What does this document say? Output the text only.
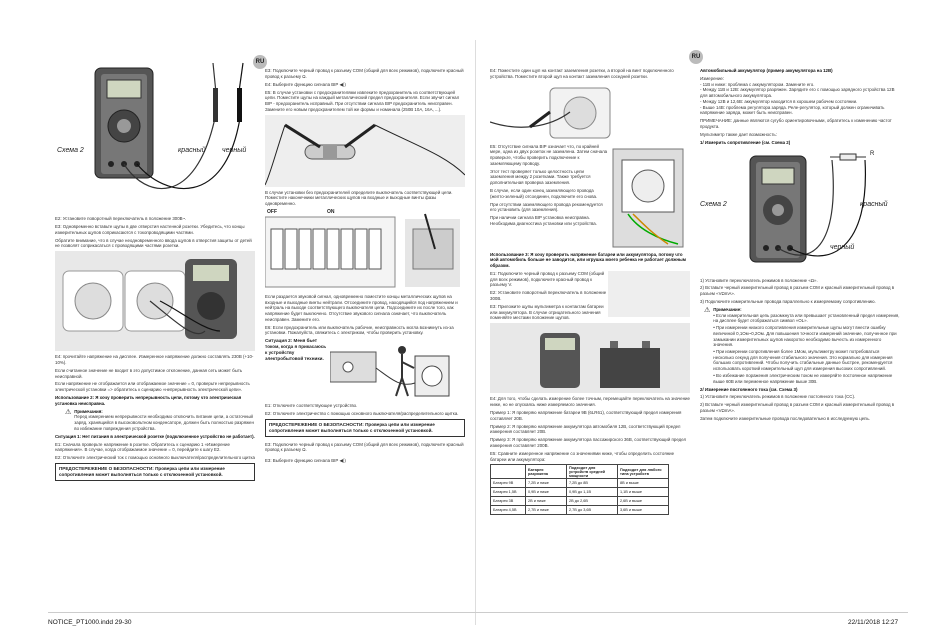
RU
RU
Схема 2	красный черный

E2: Установите поворотный переключатель в положение 300В~.

E3: Одновременно вставьте щупы в две отверстия настенной розетки. Убедитесь, что концы измерительных щупов соприкасаются с токопроводящими частями.

Обратите внимание, что в случае неодновременного ввода щупов в отверстия защиты от детей не позволят соприкасаться с проводящими частями розетки.

E4: прочитайте напряжение на дисплее. Измеренное напряжение должно составлять 230В (+10-10%).

Если считанное значение не входит в это допустимое отклонение, данная сеть может быть неисправной.

Если напряжение не отображается или отображаемое значение = 0, проверьте непрерывность электрической установки => обратитесь к сценарию «непрерывность электрической цепи».

Использование 2: Я хочу проверить непрерывность цепи, потому что электрическая установка неисправна.

⚠ Примечания:

Перед измерением непрерывности необходимо отключить питание цепи, а остаточный заряд, хранящийся в высоковольтном конденсаторе, должен быть полностью разряжен во избежание повреждения устройства.

Ситуация 1: Нет питания в электрической розетке (подключенное устройство не работает).

E1: Сначала проверьте напряжение в розетке. Обратитесь к сценарию 1 «Измерение напряжения». В случае, когда отображаемое значение = 0, перейдите к шагу E2.

E2: Отключите электрический ток с помощью основного выключателя/распределительного щитка

ПРЕДОСТЕРЕЖЕНИЕ О БЕЗОПАСНОСТИ: Проверка цепи или измерение сопротивления может выполняться только с отключенной установкой.

E3: Подключите черный провод к разъему COM (общий для всех режимов), подключите красный провод к разъему Ω.

E4: Выберите функцию сигнала BIP ◀))

E5: В случае установки с предохранителями извлеките предохранитель из соответствующей цепи. Поместите щупы на каждый металлический предел предохранителя. Если звучит сигнал BIP - предохранитель исправный. При отсутствии сигнала BIP предохранитель неисправен. Замените его новым предохранителем той же формы и номинала (250В 10А, 16А, ...).

В случае установки без предохранителей определите выключатель соответствующей цепи. Поместите наконечники металлических щупов на входные и выходные винты фазы одновременно.

OFF	ON

Если раздается звуковой сигнал, одновременно поместите концы металлических щупов на входные и выходные винты нейтрали. Отсоедините провод, находящийся под напряжением и нейтраль на выходе соответствующего выключателя цепи. Подсоедините их после того, как напряжение будет выключено. Отсутствие звукового сигнала означает, что выключатель неисправен. Замените его.

E6: Если предохранитель или выключатель рабочие, неисправность могла возникнуть из-за установки. Пожалуйста, свяжитесь с электриком, чтобы проверить установку.

Ситуация 2: Меня бьет током, когда я прикасаюсь к устройству электробытовой техники.

E1: Отключите соответствующее устройство.

E2: Отключите электричество с помощью основного выключателя/распределительного щитка.

ПРЕДОСТЕРЕЖЕНИЕ О БЕЗОПАСНОСТИ: Проверка цепи или измерение сопротивления может выполняться только с отключенной установкой.

E3: Подключите черный провод к разъему COM (общий для всех режимов), подключите красный провод к разъему Ω.

E3: Выберите функцию сигнала BIP ◀))

E4: Поместите один щуп на контакт заземления розетки, а второй на винт подключенного устройства. Поместите второй щуп на контакт заземления соседней розетки.

E5: Отсутствие сигнала BIP означает что, по крайней мере, одна из двух розеток не заземлена. Затем сначала проверьте, чтобы проверить подключение к заземляющему проводу.

Этот тест проверяет только целостность цепи заземления между 2 розетками. Также требуется дополнительная проверка заземления.

В случае, если один конец заземляющего провода (желто-зеленый) отсоединен, подключите его снова.

При отсутствии заземляющего провода рекомендуется его установить (для заземления).

При наличии сигнала BIP установка неисправна. Необходима диагностика установки или устройства.

Использование 3: Я хочу проверить напряжение батареи или аккумулятора, потому что мой автомобиль больше не заводится, или игрушка моего ребенка не работает должным образом.

E1: Подключите черный провод к разъему COM (общий для всех режимов), подключите красный провод к разъему V.

E2: Установите поворотный переключатель в положение 300В.

E3: Приложите щупы мультиметра к контактам батареи или аккумулятора. В случае отрицательного значения поменяйте местами положение щупов.

E4: Для того, чтобы сделать измерение более точным, перемещайте переключатель на значение ниже, но не опускаясь ниже измеряемого значения.

Пример 1: Я проверяю напряжение батареи 9В (6LR61), соответствующий предел измерения составляет 20В.

Пример 2: Я проверяю напряжение аккумулятора автомобиля 12В, соответствующий предел измерения составляет 20В.

Пример 3: Я проверяю напряжение аккумулятора пассажирского 36В, соответствующий предел измерения составляет 200В.

E5: Сравните измеренное напряжение со значениями ниже, чтобы определить состояние батареи или аккумулятора:

	Батарея разряжена	Подходит для устройств средней мощности	Подходит для любого типа устройств
Батарея 9В	7,2В и ниже	7,2В до 8В	8В и выше
Батарея 1,5В	0,9В и ниже	0,9В до 1,1В	1,1В и выше
Батарея 3В	2В и ниже	2В до 2,6В	2,6В и выше
Батарея 4,5В	2,7В и ниже	2,7В до 3,6В	3,6В и выше

Автомобильный аккумулятор (пример аккумулятора на 12В)

Измерение:

- 11В и ниже: проблема с аккумулятором. Замените его.

- Между 11В и 12В: аккумулятор разряжен. Зарядите его с помощью зарядного устройства 12В для автомобильного аккумулятора.

- Между 12В и 12,6В: аккумулятор находится в хорошем рабочем состоянии.

- Выше 14В: проблема регулятора заряда. Реле-регулятор, который должен ограничивать напряжение заряда, может быть неисправен.

ПРИМЕЧАНИЕ: данные являются сугубо ориентировочными, обратитесь к изменению частот продукта.

Мультиметр также дает возможность:

1/ Измерить сопротивление (см. Схема 2)

R
Схема 2	красный
черный

1) Установите переключатель режимов в положение «Ω».

2) Вставьте черный измерительный провод в разъем COM и красный измерительный провод в разъем «VΩmA».

3) Подключите измерительные провода параллельно к измеряемому сопротивлению.

⚠ Примечание:

• Если измерительная цепь разомкнута или превышает установленный предел измерения, на дисплее будет отображаться символ «OL».

• При измерении низкого сопротивления измерительные щупы могут внести ошибку величиной 0,1Ом~0,2Ом. Для повышения точности измерений значение, полученное при замыкании измерительных щупов накоротко необходимо вычесть из измеренного значения.

• При измерении сопротивления более 1Мом, мультиметру может потребоваться несколько секунд для получения стабильного значения. Это нормально для измерения больших сопротивлений. Чтобы получить стабильные данные быстрее, рекомендуется использовать короткий измерительный щуп для измерения высоких сопротивлений.

• Во избежание поражения электрическим током не измеряйте постоянное напряжение выше 60В или переменное напряжение выше 30В.

2/ Измерение постоянного тока (см. Схема 3)

1) Установите переключатель режимов в положение постоянного тока (СС).

2) Вставьте черный измерительный провод в разъем COM и красный измерительный провод в разъем «VΩmA».

Затем подключите измерительные провода последовательно в исследуемую цепь.

NOTICE_PT1000.indd 29-30	22/11/2018 12:27
